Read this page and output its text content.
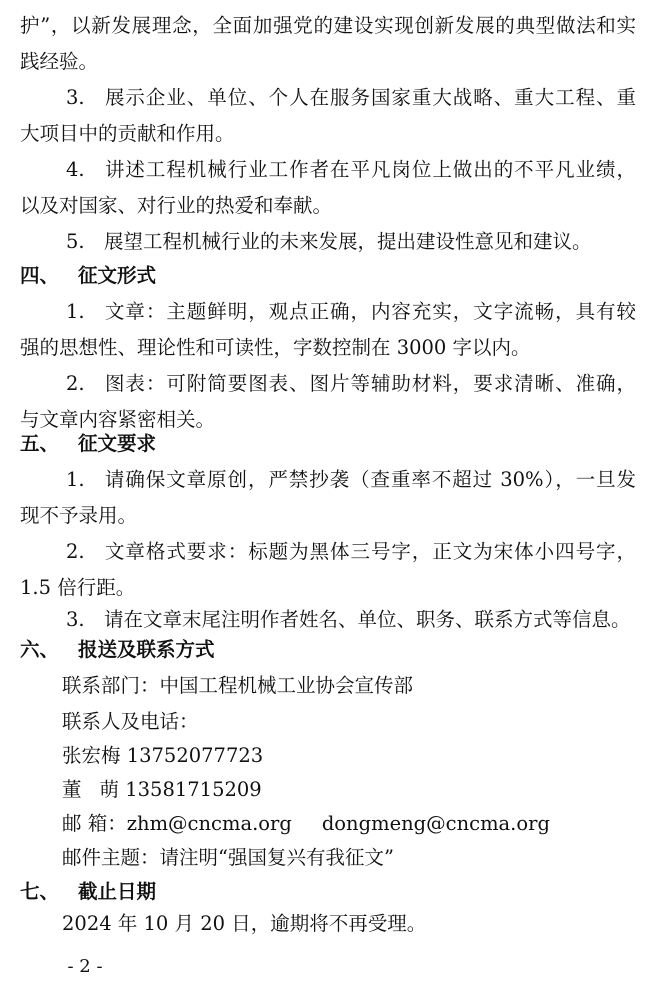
护”，以新发展理念，全面加强党的建设实现创新发展的典型做法和实
践经验。
3. 展示企业、单位、个人在服务国家重大战略、重大工程、重
大项目中的贡献和作用。
4. 讲述工程机械行业工作者在平凡岗位上做出的不平凡业绩，
以及对国家、对行业的热爱和奉献。
5. 展望工程机械行业的未来发展，提出建设性意见和建议。
四、 征文形式
1. 文章：主题鲜明，观点正确，内容充实，文字流畅，具有较
强的思想性、理论性和可读性，字数控制在 3000 字以内。
2. 图表：可附简要图表、图片等辅助材料，要求清晰、准确，
与文章内容紧密相关。
五、 征文要求
1. 请确保文章原创，严禁抄袭（查重率不超过 30%），一旦发
现不予录用。
2. 文章格式要求：标题为黑体三号字，正文为宋体小四号字，
1.5 倍行距。
3. 请在文章末尾注明作者姓名、单位、职务、联系方式等信息。
六、 报送及联系方式
联系部门：中国工程机械工业协会宣传部
联系人及电话：
张宏梅 13752077723
董 萌 13581715209
邮 箱：zhm@cncma.org dongmeng@cncma.org
邮件主题：请注明“强国复兴有我征文”
七、 截止日期
2024 年 10 月 20 日，逾期将不再受理。
- 2 -
